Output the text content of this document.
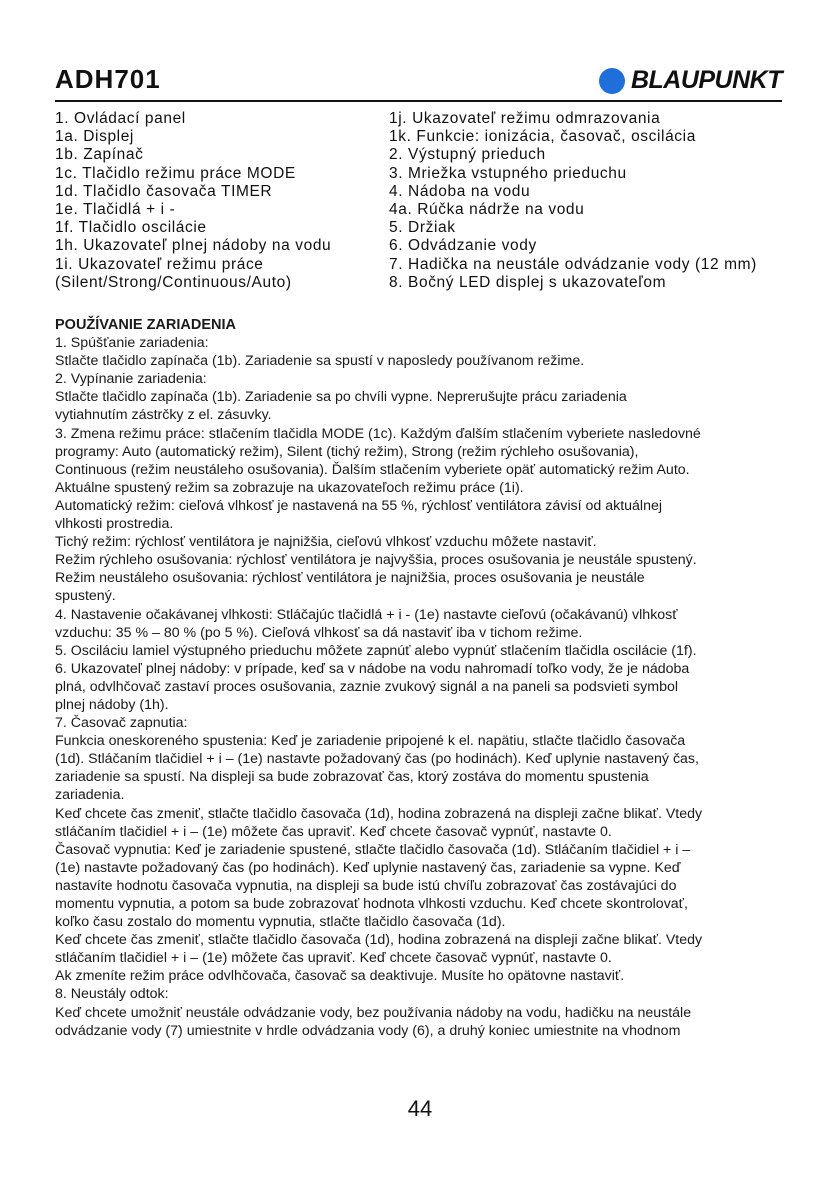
ADH701	BLAUPUNKT
1. Ovládací panel
1a. Displej
1b. Zapínač
1c. Tlačidlo režimu práce MODE
1d. Tlačidlo časovača TIMER
1e. Tlačidlá + i -
1f. Tlačidlo oscilácie
1h. Ukazovateľ plnej nádoby na vodu
1i. Ukazovateľ režimu práce
(Silent/Strong/Continuous/Auto)
1j. Ukazovateľ režimu odmrazovania
1k. Funkcie: ionizácia, časovač, oscilácia
2. Výstupný prieduch
3. Mriežka vstupného prieduchu
4. Nádoba na vodu
4a. Rúčka nádrže na vodu
5. Držiak
6. Odvádzanie vody
7. Hadička na neustále odvádzanie vody (12 mm)
8. Bočný LED displej s ukazovateľom
POUŽÍVANIE ZARIADENIA

1. Spúšťanie zariadenia:

Stlačte tlačidlo zapínača (1b). Zariadenie sa spustí v naposledy používanom režime.

2. Vypínanie zariadenia:

Stlačte tlačidlo zapínača (1b). Zariadenie sa po chvíli vypne. Neprerušujte prácu zariadenia

vytiahnutím zástrčky z el. zásuvky.

3. Zmena režimu práce: stlačením tlačidla MODE (1c). Každým ďalším stlačením vyberiete nasledovné

programy: Auto (automatický režim), Silent (tichý režim), Strong (režim rýchleho osušovania),

Continuous (režim neustáleho osušovania). Ďalším stlačením vyberiete opäť automatický režim Auto.

Aktuálne spustený režim sa zobrazuje na ukazovateľoch režimu práce (1i).

Automatický režim: cieľová vlhkosť je nastavená na 55 %, rýchlosť ventilátora závisí od aktuálnej

vlhkosti prostredia.

Tichý režim: rýchlosť ventilátora je najnižšia, cieľovú vlhkosť vzduchu môžete nastaviť.

Režim rýchleho osušovania: rýchlosť ventilátora je najvyššia, proces osušovania je neustále spustený.

Režim neustáleho osušovania: rýchlosť ventilátora je najnižšia, proces osušovania je neustále

spustený.

4. Nastavenie očakávanej vlhkosti: Stláčajúc tlačidlá + i - (1e) nastavte cieľovú (očakávanú) vlhkosť

vzduchu: 35 % – 80 % (po 5 %). Cieľová vlhkosť sa dá nastaviť iba v tichom režime.

5. Osciláciu lamiel výstupného prieduchu môžete zapnúť alebo vypnúť stlačením tlačidla oscilácie (1f).

6. Ukazovateľ plnej nádoby: v prípade, keď sa v nádobe na vodu nahromadí toľko vody, že je nádoba

plná, odvlhčovač zastaví proces osušovania, zaznie zvukový signál a na paneli sa podsvieti symbol

plnej nádoby (1h).

7. Časovač zapnutia:

Funkcia oneskoreného spustenia: Keď je zariadenie pripojené k el. napätiu, stlačte tlačidlo časovača

(1d). Stláčaním tlačidiel + i – (1e) nastavte požadovaný čas (po hodinách). Keď uplynie nastavený čas,

zariadenie sa spustí. Na displeji sa bude zobrazovať čas, ktorý zostáva do momentu spustenia

zariadenia.

Keď chcete čas zmeniť, stlačte tlačidlo časovača (1d), hodina zobrazená na displeji začne blikať. Vtedy

stláčaním tlačidiel + i – (1e) môžete čas upraviť. Keď chcete časovač vypnúť, nastavte 0.

Časovač vypnutia: Keď je zariadenie spustené, stlačte tlačidlo časovača (1d). Stláčaním tlačidiel + i –

(1e) nastavte požadovaný čas (po hodinách). Keď uplynie nastavený čas, zariadenie sa vypne. Keď

nastavíte hodnotu časovača vypnutia, na displeji sa bude istú chvíľu zobrazovať čas zostávajúci do

momentu vypnutia, a potom sa bude zobrazovať hodnota vlhkosti vzduchu. Keď chcete skontrolovať,

koľko času zostalo do momentu vypnutia, stlačte tlačidlo časovača (1d).

Keď chcete čas zmeniť, stlačte tlačidlo časovača (1d), hodina zobrazená na displeji začne blikať. Vtedy

stláčaním tlačidiel + i – (1e) môžete čas upraviť. Keď chcete časovač vypnúť, nastavte 0.

Ak zmeníte režim práce odvlhčovača, časovač sa deaktivuje. Musíte ho opätovne nastaviť.

8. Neustály odtok:

Keď chcete umožniť neustále odvádzanie vody, bez používania nádoby na vodu, hadičku na neustále

odvádzanie vody (7) umiestnite v hrdle odvádzania vody (6), a druhý koniec umiestnite na vhodnom

44
